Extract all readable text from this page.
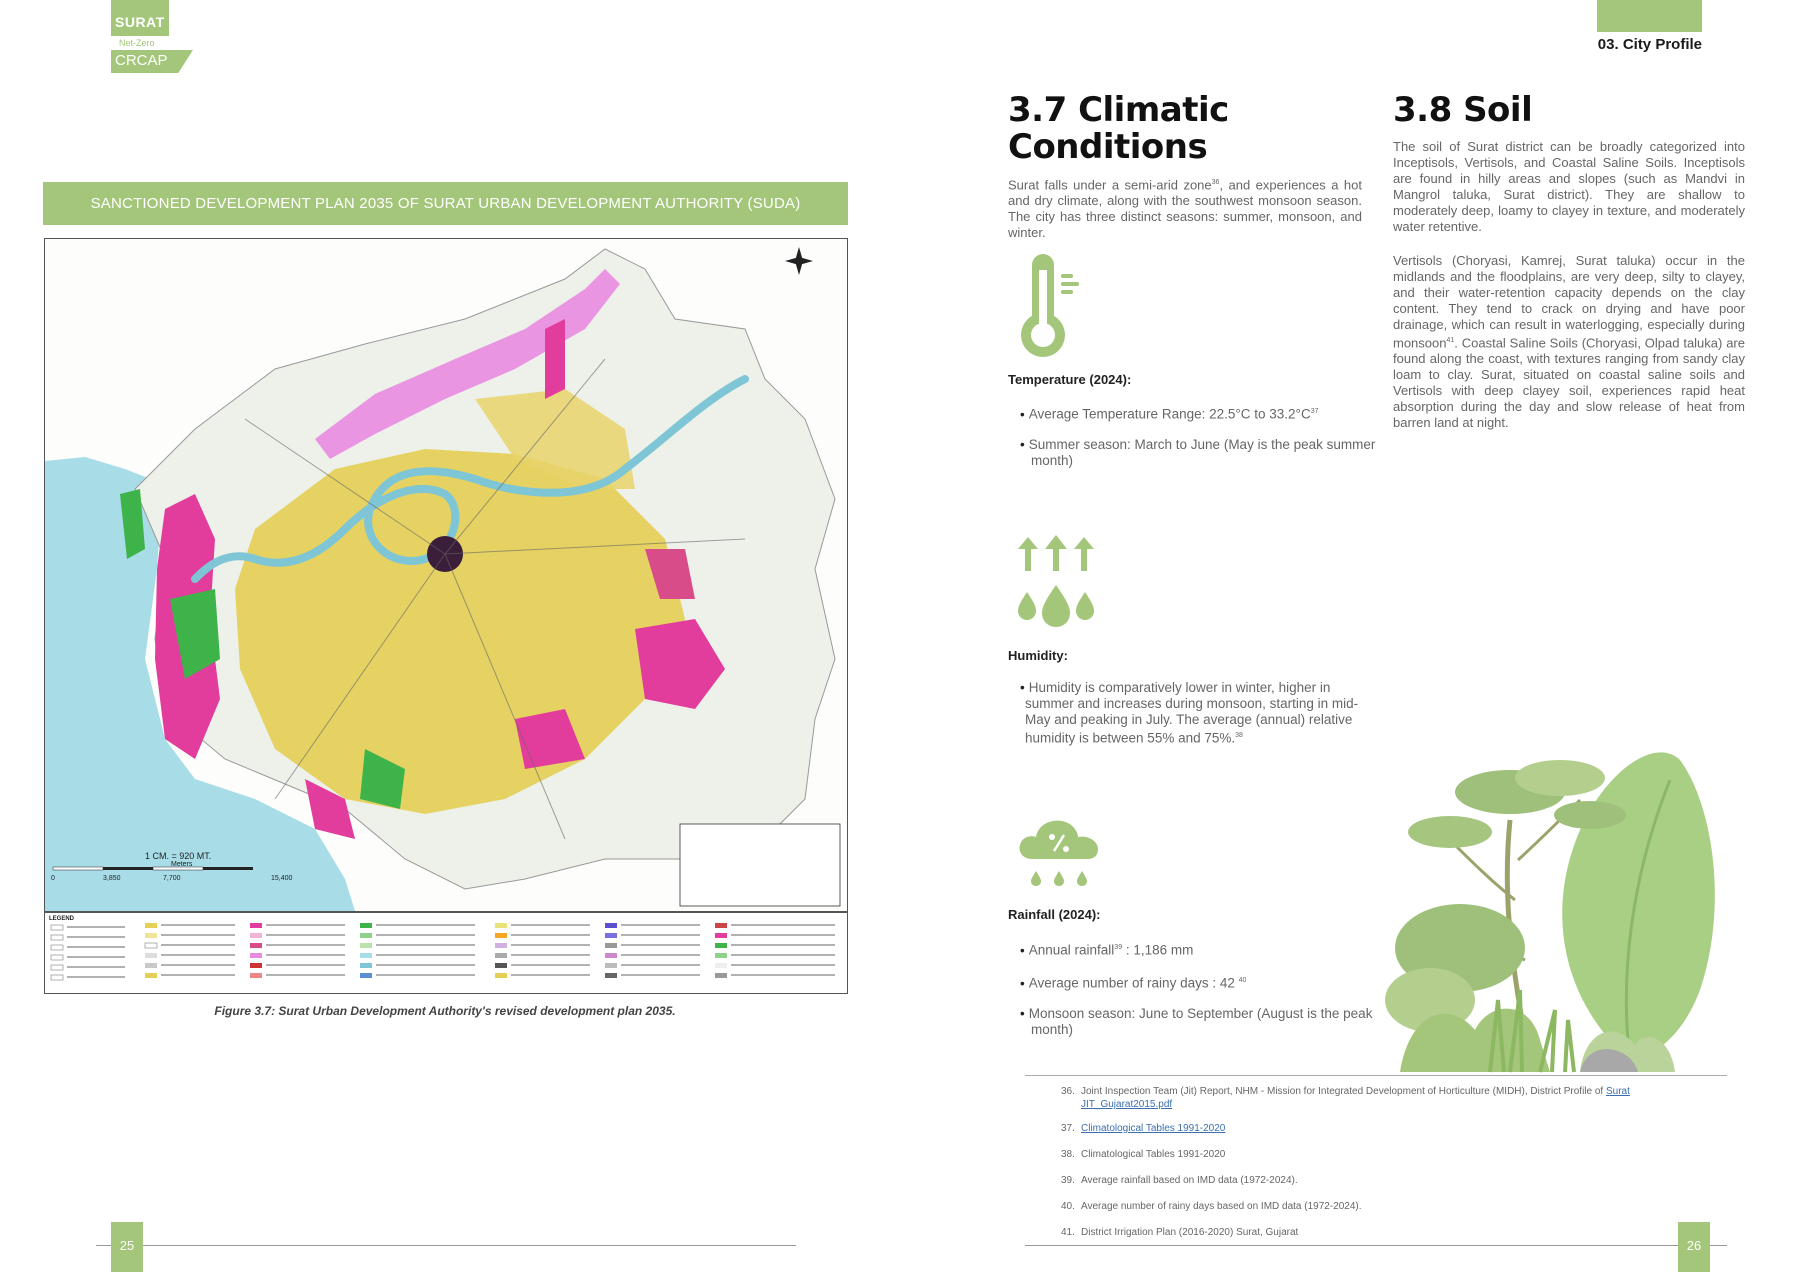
SURAT
Net-Zero
CRCAP
03. City Profile
SANCTIONED DEVELOPMENT PLAN 2035 OF SURAT URBAN DEVELOPMENT AUTHORITY (SUDA)
1 CM. = 920 MT.
Meters
0	3,850	7,700	15,400
LEGEND
Figure 3.7: Surat Urban Development Authority's revised development plan 2035.
3.7 Climatic
Conditions
Surat falls under a semi-arid zone$^{36}$, and experiences a hot and dry climate, along with the southwest monsoon season. The city has three distinct seasons: summer, monsoon, and winter.
Temperature (2024):
• Average Temperature Range: 22.5°C to $33.2^\circ C^{37}$
• Summer season: March to June (May is the peak summer month)
Humidity:
• Humidity is comparatively lower in winter, higher in summer and increases during monsoon, starting in mid-May and peaking in July. The average (annual) relative humidity is between 55% and 75%.$^{38}$
Rainfall (2024):
• Annual rainfall$^{39}$ : 1,186 mm
• Average number of rainy days : 42 $^{40}$
• Monsoon season: June to September (August is the peak month)
3.8 Soil
The soil of Surat district can be broadly categorized into Inceptisols, Vertisols, and Coastal Saline Soils. Inceptisols are found in hilly areas and slopes (such as Mandvi in Mangrol taluka, Surat district). They are shallow to moderately deep, loamy to clayey in texture, and moderately water retentive.
Vertisols (Choryasi, Kamrej, Surat taluka) occur in the midlands and the floodplains, are very deep, silty to clayey, and their water-retention capacity depends on the clay content. They tend to crack on drying and have poor drainage, which can result in waterlogging, especially during monsoon$^{41}$. Coastal Saline Soils (Choryasi, Olpad taluka) are found along the coast, with textures ranging from sandy clay loam to clay. Surat, situated on coastal saline soils and Vertisols with deep clayey soil, experiences rapid heat absorption during the day and slow release of heat from barren land at night.
36. Joint Inspection Team (Jit) Report, NHM - Mission for Integrated Development of Horticulture (MIDH), District Profile of Surat JIT_Gujarat2015.pdf
37. Climatological Tables 1991-2020
38. Climatological Tables 1991-2020
39. Average rainfall based on IMD data (1972-2024).
40. Average number of rainy days based on IMD data (1972-2024).
41. District Irrigation Plan (2016-2020) Surat, Gujarat
25	26
